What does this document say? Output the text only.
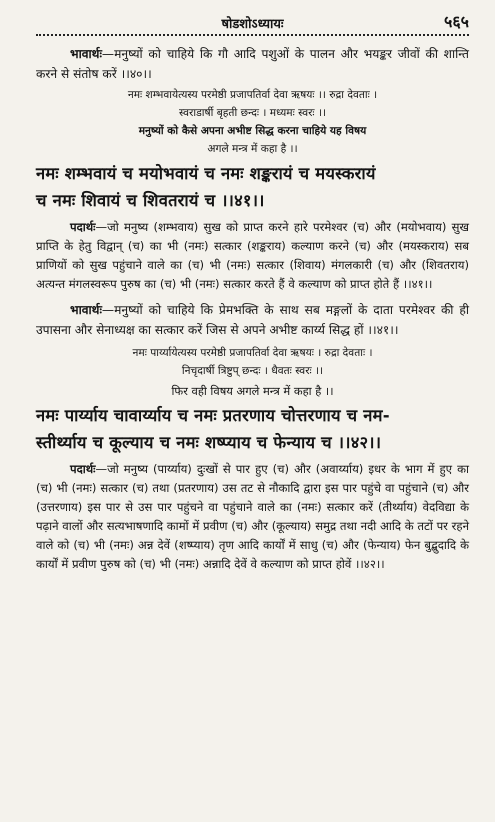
षोडशोऽध्यायः	५६५

भावार्थः—मनुष्यों को चाहिये कि गौ आदि पशुओं के पालन और भयङ्कर जीवों की शान्ति करने से संतोष करें ।।४०।।

नमः शम्भवायेत्यस्य परमेष्ठी प्रजापतिर्वा देवा ऋषयः ।। रुद्रा देवताः ।
स्वराडार्षी बृहती छन्दः । मध्यमः स्वरः ।।
मनुष्यों को कैसे अपना अभीष्ट सिद्ध करना चाहिये यह विषय
अगले मन्त्र में कहा है ।।
नमः शम्भवायं च मयोभवायं च नमः शङ्करायं च मयस्करायं
च नमः शिवायं च शिवतरायं च ।।४१।।

पदार्थः—जो मनुष्य (शम्भवाय) सुख को प्राप्त करने हारे परमेश्वर (च) और (मयोभवाय) सुख प्राप्ति के हेतु विद्वान् (च) का भी (नमः) सत्कार (शङ्कराय) कल्याण करने (च) और (मयस्कराय) सब प्राणियों को सुख पहुंचाने वाले का (च) भी (नमः) सत्कार (शिवाय) मंगलकारी (च) और (शिवतराय) अत्यन्त मंगलस्वरूप पुरुष का (च) भी (नमः) सत्कार करते हैं वे कल्याण को प्राप्त होते हैं ।।४१।।

भावार्थः—मनुष्यों को चाहिये कि प्रेमभक्ति के साथ सब मङ्गलों के दाता परमेश्वर की ही उपासना और सेनाध्यक्ष का सत्कार करें जिस से अपने अभीष्ट कार्य्य सिद्ध हों ।।४१।।

नमः पार्य्यायेत्यस्य परमेष्ठी प्रजापतिर्वा देवा ऋषयः । रुद्रा देवताः ।
निचृदार्षी त्रिष्टुप् छन्दः । धैवतः स्वरः ।।
फिर वही विषय अगले मन्त्र में कहा है ।।
नमः पार्य्याय चावार्य्याय च नमः प्रतरणाय चोत्तरणाय च नम-
स्तीर्थ्याय च कूल्याय च नमः शष्प्याय च फेन्याय च ।।४२।।

पदार्थः—जो मनुष्य (पार्य्याय) दुःखों से पार हुए (च) और (अवार्य्याय) इधर के भाग में हुए का (च) भी (नमः) सत्कार (च) तथा (प्रतरणाय) उस तट से नौकादि द्वारा इस पार पहुंचे वा पहुंचाने (च) और (उत्तरणाय) इस पार से उस पार पहुंचने वा पहुंचाने वाले का (नमः) सत्कार करें (तीर्थ्याय) वेदविद्या के पढ़ाने वालों और सत्यभाषणादि कामों में प्रवीण (च) और (कूल्याय) समुद्र तथा नदी आदि के तटों पर रहने वाले को (च) भी (नमः) अन्न देवें (शष्प्याय) तृण आदि कार्यों में साधु (च) और (फेन्याय) फेन बुद्बुदादि के कार्यों में प्रवीण पुरुष को (च) भी (नमः) अन्नादि देवें वे कल्याण को प्राप्त होवें ।।४२।।
